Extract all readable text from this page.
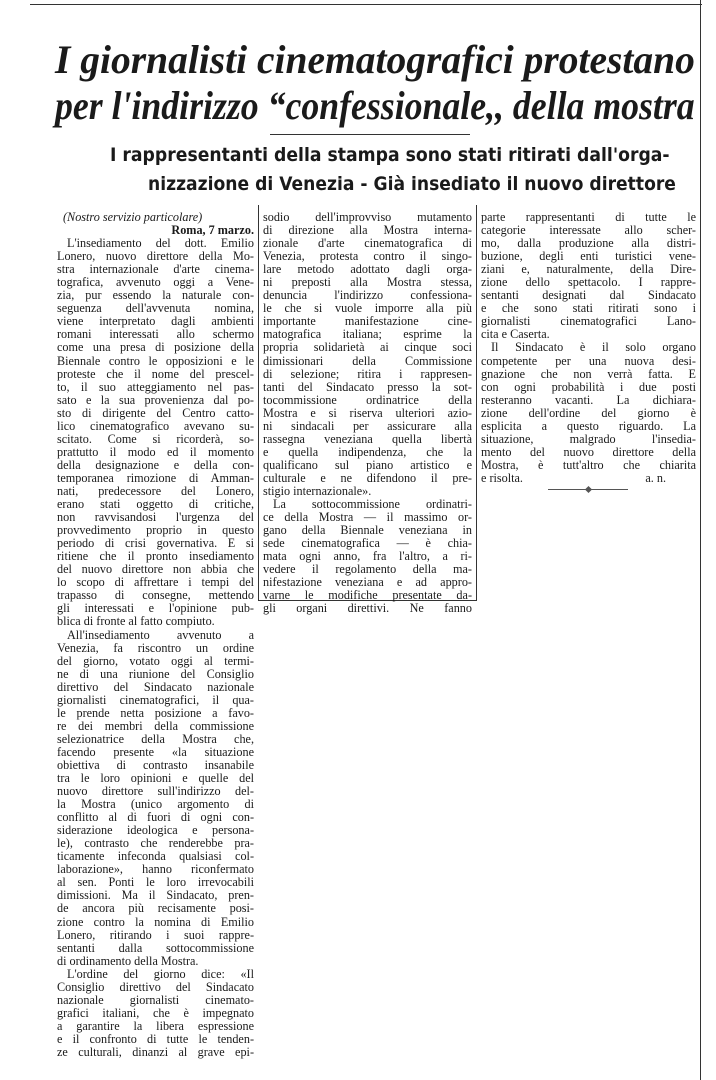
I giornalisti cinematografici protestano
per l'indirizzo “confessionale,, della mostra
I rappresentanti della stampa sono stati ritirati dall'orga-
nizzazione di Venezia - Già insediato il nuovo direttore
(Nostro servizio particolare)
Roma, 7 marzo.
L'insediamento del dott. Emilio
Lonero, nuovo direttore della Mo-
stra internazionale d'arte cinema-
tografica, avvenuto oggi a Vene-
zia, pur essendo la naturale con-
seguenza dell'avvenuta nomina,
viene interpretato dagli ambienti
romani interessati allo schermo
come una presa di posizione della
Biennale contro le opposizioni e le
proteste che il nome del prescel-
to, il suo atteggiamento nel pas-
sato e la sua provenienza dal po-
sto di dirigente del Centro catto-
lico cinematografico avevano su-
scitato. Come si ricorderà, so-
prattutto il modo ed il momento
della designazione e della con-
temporanea rimozione di Amman-
nati, predecessore del Lonero,
erano stati oggetto di critiche,
non ravvisandosi l'urgenza del
provvedimento proprio in questo
periodo di crisi governativa. E si
ritiene che il pronto insediamento
del nuovo direttore non abbia che
lo scopo di affrettare i tempi del
trapasso di consegne, mettendo
gli interessati e l'opinione pub-
blica di fronte al fatto compiuto.
All'insediamento avvenuto a
Venezia, fa riscontro un ordine
del giorno, votato oggi al termi-
ne di una riunione del Consiglio
direttivo del Sindacato nazionale
giornalisti cinematografici, il qua-
le prende netta posizione a favo-
re dei membri della commissione
selezionatrice della Mostra che,
facendo presente «la situazione
obiettiva di contrasto insanabile
tra le loro opinioni e quelle del
nuovo direttore sull'indirizzo del-
la Mostra (unico argomento di
conflitto al di fuori di ogni con-
siderazione ideologica e persona-
le), contrasto che renderebbe pra-
ticamente infeconda qualsiasi col-
laborazione», hanno riconfermato
al sen. Ponti le loro irrevocabili
dimissioni. Ma il Sindacato, pren-
de ancora più recisamente posi-
zione contro la nomina di Emilio
Lonero, ritirando i suoi rappre-
sentanti dalla sottocommissione
di ordinamento della Mostra.
L'ordine del giorno dice: «Il
Consiglio direttivo del Sindacato
nazionale giornalisti cinemato-
grafici italiani, che è impegnato
a garantire la libera espressione
e il confronto di tutte le tenden-
ze culturali, dinanzi al grave epi-
sodio dell'improvviso mutamento
di direzione alla Mostra interna-
zionale d'arte cinematografica di
Venezia, protesta contro il singo-
lare metodo adottato dagli orga-
ni preposti alla Mostra stessa,
denuncia l'indirizzo confessiona-
le che si vuole imporre alla più
importante manifestazione cine-
matografica italiana; esprime la
propria solidarietà ai cinque soci
dimissionari della Commissione
di selezione; ritira i rappresen-
tanti del Sindacato presso la sot-
tocommissione ordinatrice della
Mostra e si riserva ulteriori azio-
ni sindacali per assicurare alla
rassegna veneziana quella libertà
e quella indipendenza, che la
qualificano sul piano artistico e
culturale e ne difendono il pre-
stigio internazionale».
La sottocommissione ordinatri-
ce della Mostra — il massimo or-
gano della Biennale veneziana in
sede cinematografica — è chia-
mata ogni anno, fra l'altro, a ri-
vedere il regolamento della ma-
nifestazione veneziana e ad appro-
varne le modifiche presentate da-
gli organi direttivi. Ne fanno
parte rappresentanti di tutte le
categorie interessate allo scher-
mo, dalla produzione alla distri-
buzione, degli enti turistici vene-
ziani e, naturalmente, della Dire-
zione dello spettacolo. I rappre-
sentanti designati dal Sindacato
e che sono stati ritirati sono i
giornalisti cinematografici Lano-
cita e Caserta.
Il Sindacato è il solo organo
competente per una nuova desi-
gnazione che non verrà fatta. E
con ogni probabilità i due posti
resteranno vacanti. La dichiara-
zione dell'ordine del giorno è
esplicita a questo riguardo. La
situazione, malgrado l'insedia-
mento del nuovo direttore della
Mostra, è tutt'altro che chiarita
e risolta.	a. n.
